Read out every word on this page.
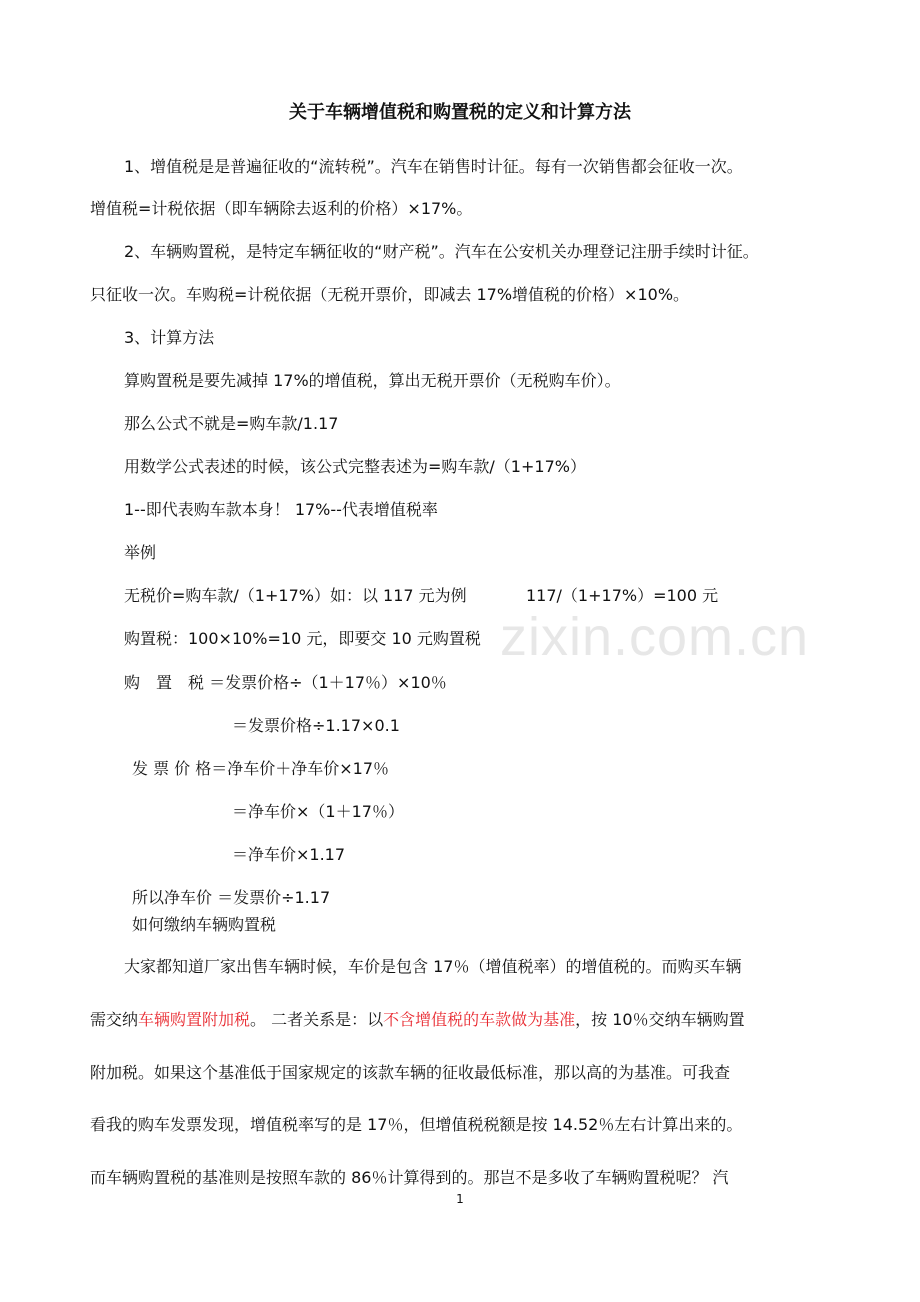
zixin.com.cn
关于车辆增值税和购置税的定义和计算方法
1、增值税是是普遍征收的“流转税”。汽车在销售时计征。每有一次销售都会征收一次。
增值税=计税依据（即车辆除去返利的价格）×17%。
2、车辆购置税，是特定车辆征收的“财产税”。汽车在公安机关办理登记注册手续时计征。
只征收一次。车购税=计税依据（无税开票价，即减去 17%增值税的价格）×10%。
3、计算方法
算购置税是要先减掉 17%的增值税，算出无税开票价（无税购车价）。
那么公式不就是=购车款/1.17
用数学公式表述的时候，该公式完整表述为=购车款/（1+17%）
1--即代表购车款本身！ 17%--代表增值税率
举例
无税价=购车款/（1+17%）如：以 117 元为例	117/（1+17%）=100 元
购置税：100×10%=10 元，即要交 10 元购置税
购　置　税 ＝发票价格÷（1＋17％）×10％
＝发票价格÷1.17×0.1
发 票 价 格＝净车价＋净车价×17％
＝净车价×（1＋17％）
＝净车价×1.17
所以净车价 ＝发票价÷1.17
如何缴纳车辆购置税
大家都知道厂家出售车辆时候，车价是包含 17％（增值税率）的增值税的。而购买车辆
需交纳车辆购置附加税。 二者关系是：以不含增值税的车款做为基准，按 10％交纳车辆购置
附加税。如果这个基准低于国家规定的该款车辆的征收最低标准，那以高的为基准。可我查
看我的购车发票发现，增值税率写的是 17％，但增值税税额是按 14.52％左右计算出来的。
而车辆购置税的基准则是按照车款的 86％计算得到的。那岂不是多收了车辆购置税呢？ 汽
1
